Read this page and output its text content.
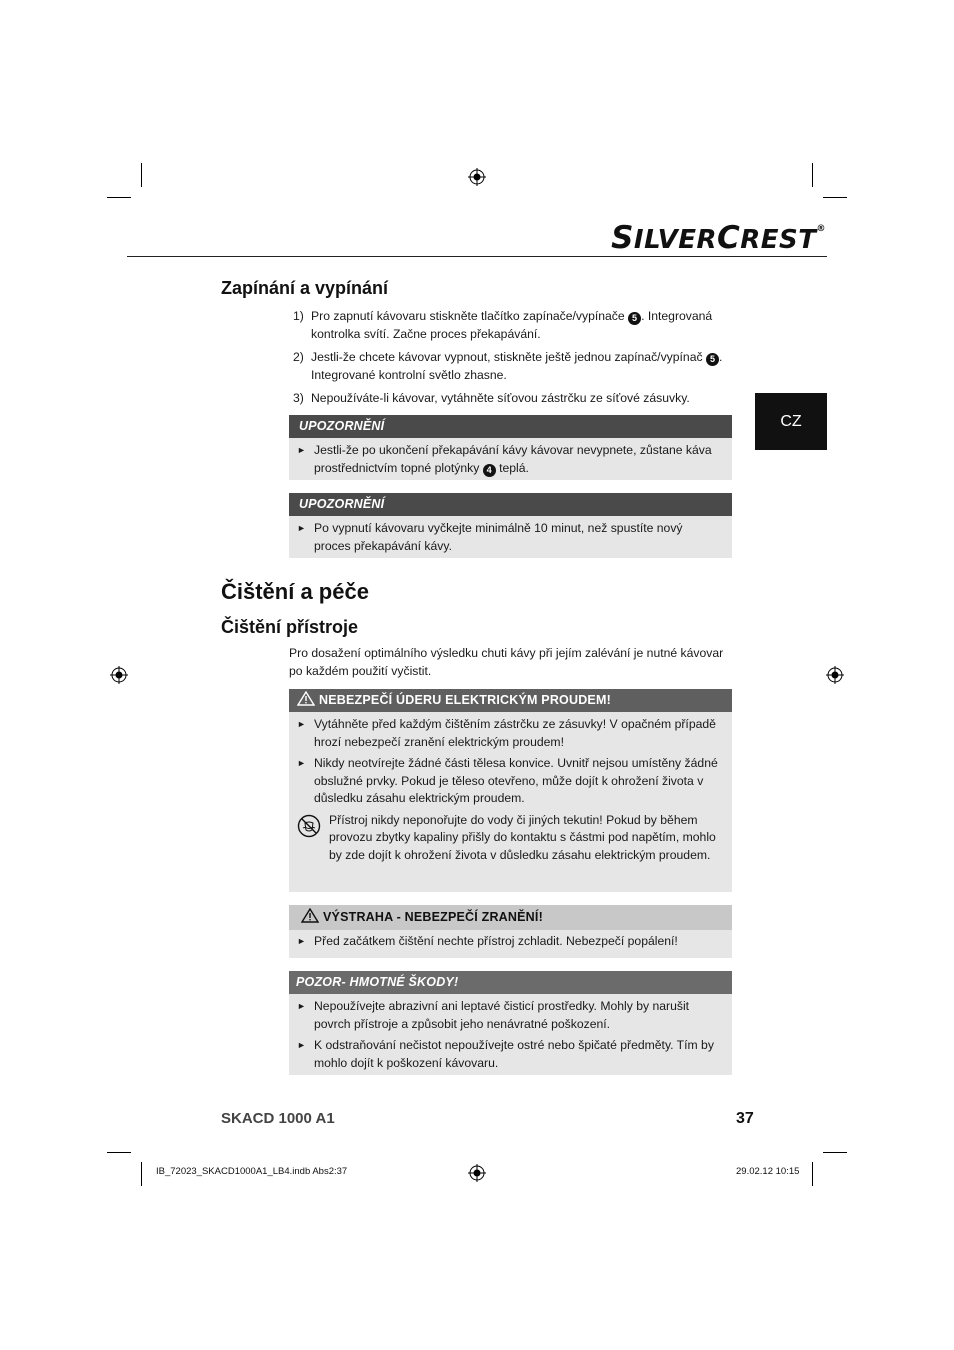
SILVERCREST®
CZ
Zapínání a vypínání
1) Pro zapnutí kávovaru stiskněte tlačítko zapínače/vypínače 5 . Integrovaná kontrolka svítí. Začne proces překapávání.
2) Jestli-že chcete kávovar vypnout, stiskněte ještě jednou zapínač/vypínač 5 . Integrované kontrolní světlo zhasne.
3) Nepoužíváte-li kávovar, vytáhněte síťovou zástrčku ze síťové zásuvky.
UPOZORNĚNÍ
► Jestli-že po ukončení překapávání kávy kávovar nevypnete, zůstane káva prostřednictvím topné plotýnky 4 teplá.
UPOZORNĚNÍ
► Po vypnutí kávovaru vyčkejte minimálně 10 minut, než spustíte nový proces překapávání kávy.
Čištění a péče
Čištění přístroje
Pro dosažení optimálního výsledku chuti kávy při jejím zalévání je nutné kávovar po každém použití vyčistit.
NEBEZPEČÍ ÚDERU ELEKTRICKÝM PROUDEM!
► Vytáhněte před každým čištěním zástrčku ze zásuvky! V opačném případě hrozí nebezpečí zranění elektrickým proudem!
► Nikdy neotvírejte žádné části tělesa konvice. Uvnitř nejsou umístěny žádné obslužné prvky. Pokud je těleso otevřeno, může dojít k ohrožení života v důsledku zásahu elektrickým proudem.
Přístroj nikdy neponořujte do vody či jiných tekutin! Pokud by během provozu zbytky kapaliny přišly do kontaktu s částmi pod napětím, mohlo by zde dojít k ohrožení života v důsledku zásahu elektrickým proudem.
VÝSTRAHA - NEBEZPEČÍ ZRANĚNÍ!
► Před začátkem čištění nechte přístroj zchladit. Nebezpečí popálení!
POZOR- HMOTNÉ ŠKODY!
► Nepoužívejte abrazivní ani leptavé čisticí prostředky. Mohly by narušit povrch přístroje a způsobit jeho nenávratné poškození.
► K odstraňování nečistot nepoužívejte ostré nebo špičaté předměty. Tím by mohlo dojít k poškození kávovaru.
SKACD 1000 A1	37
IB_72023_SKACD1000A1_LB4.indb Abs2:37	29.02.12 10:15
